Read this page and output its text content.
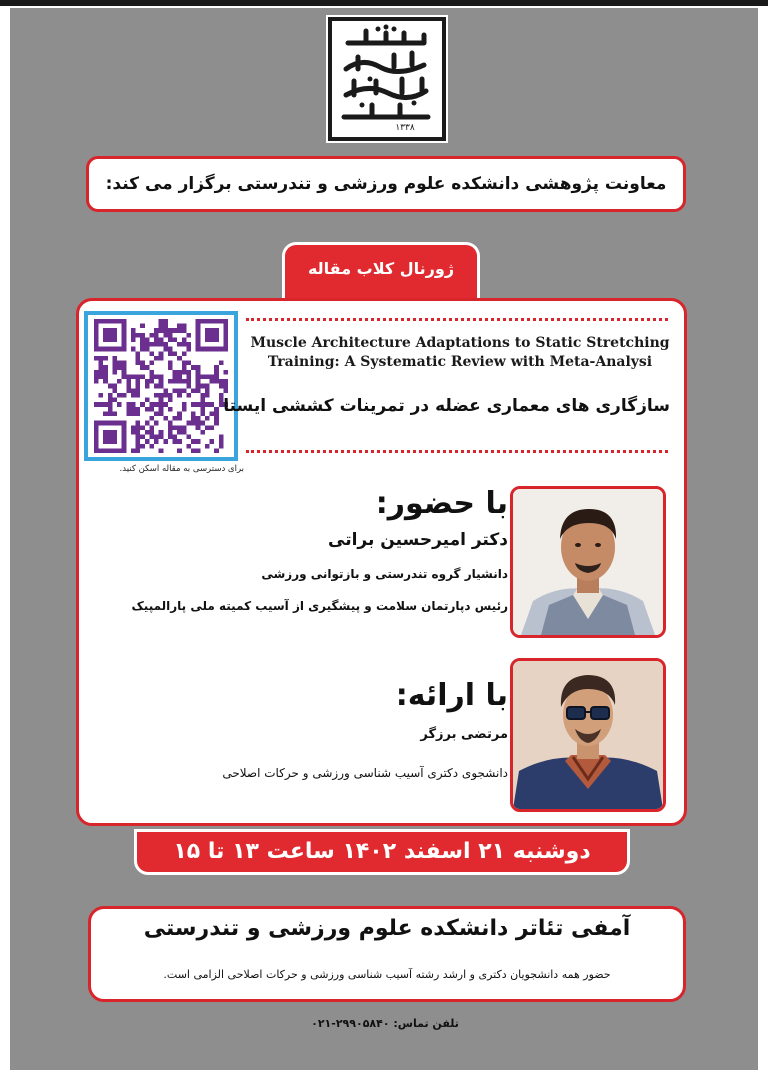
۱۳۳۸
معاونت پژوهشی دانشکده علوم ورزشی و تندرستی برگزار می کند:
ژورنال کلاب مقاله
برای دسترسی به مقاله اسکن کنید.
Muscle Architecture Adaptations to Static Stretching
Training: A Systematic Review with Meta-Analysi
سازگاری های معماری عضله در تمرینات کششی ایستا
با حضور:
دکتر امیرحسین براتی
دانشیار گروه تندرستی و بازتوانی ورزشی
رئیس دپارتمان سلامت و پیشگیری از آسیب کمیته ملی پارالمپیک
با ارائه:
مرتضی برزگر
دانشجوی دکتری آسیب شناسی ورزشی و حرکات اصلاحی
دوشنبه ۲۱ اسفند ۱۴۰۲ ساعت ۱۳ تا ۱۵
آمفی تئاتر دانشکده علوم ورزشی و تندرستی
حضور همه دانشجویان دکتری و ارشد رشته آسیب شناسی ورزشی و حرکات اصلاحی الزامی است.
تلفن تماس: ۰۲۱-۲۹۹۰۵۸۴۰
